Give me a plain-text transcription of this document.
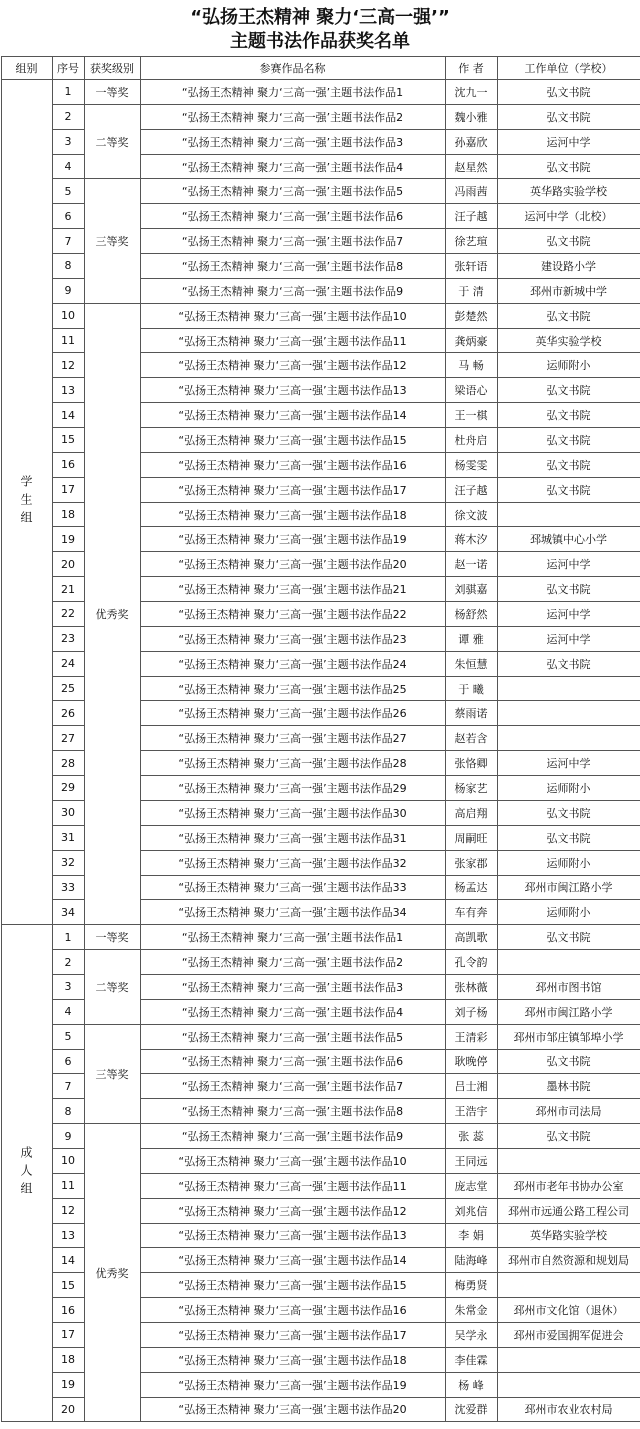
“弘扬王杰精神 聚力‘三高一强’”
主题书法作品获奖名单
组别	序号	获奖级别	参赛作品名称	作 者	工作单位（学校）
学生组	1	一等奖	“弘扬王杰精神 聚力‘三高一强’主题书法作品1	沈九一	弘文书院
	2	二等奖	“弘扬王杰精神 聚力‘三高一强’主题书法作品2	魏小雅	弘文书院
	3		“弘扬王杰精神 聚力‘三高一强’主题书法作品3	孙嘉欣	运河中学
	4		“弘扬王杰精神 聚力‘三高一强’主题书法作品4	赵星然	弘文书院
	5	三等奖	“弘扬王杰精神 聚力‘三高一强’主题书法作品5	冯雨茜	英华路实验学校
	6		“弘扬王杰精神 聚力‘三高一强’主题书法作品6	汪子越	运河中学（北校）
	7		“弘扬王杰精神 聚力‘三高一强’主题书法作品7	徐艺瑄	弘文书院
	8		“弘扬王杰精神 聚力‘三高一强’主题书法作品8	张轩语	建设路小学
	9		“弘扬王杰精神 聚力‘三高一强’主题书法作品9	于 清	邳州市新城中学
	10	优秀奖	“弘扬王杰精神 聚力‘三高一强’主题书法作品10	彭楚然	弘文书院
	11		“弘扬王杰精神 聚力‘三高一强’主题书法作品11	龚炳豪	英华实验学校
	12		“弘扬王杰精神 聚力‘三高一强’主题书法作品12	马 畅	运师附小
	13		“弘扬王杰精神 聚力‘三高一强’主题书法作品13	梁语心	弘文书院
	14		“弘扬王杰精神 聚力‘三高一强’主题书法作品14	王一棋	弘文书院
	15		“弘扬王杰精神 聚力‘三高一强’主题书法作品15	杜舟启	弘文书院
	16		“弘扬王杰精神 聚力‘三高一强’主题书法作品16	杨雯雯	弘文书院
	17		“弘扬王杰精神 聚力‘三高一强’主题书法作品17	汪子越	弘文书院
	18		“弘扬王杰精神 聚力‘三高一强’主题书法作品18	徐文波	
	19		“弘扬王杰精神 聚力‘三高一强’主题书法作品19	蒋木汐	邳城镇中心小学
	20		“弘扬王杰精神 聚力‘三高一强’主题书法作品20	赵一诺	运河中学
	21		“弘扬王杰精神 聚力‘三高一强’主题书法作品21	刘骐嘉	弘文书院
	22		“弘扬王杰精神 聚力‘三高一强’主题书法作品22	杨舒然	运河中学
	23		“弘扬王杰精神 聚力‘三高一强’主题书法作品23	谭 雅	运河中学
	24		“弘扬王杰精神 聚力‘三高一强’主题书法作品24	朱恒慧	弘文书院
	25		“弘扬王杰精神 聚力‘三高一强’主题书法作品25	于 曦	
	26		“弘扬王杰精神 聚力‘三高一强’主题书法作品26	蔡雨诺	
	27		“弘扬王杰精神 聚力‘三高一强’主题书法作品27	赵若含	
	28		“弘扬王杰精神 聚力‘三高一强’主题书法作品28	张恪卿	运河中学
	29		“弘扬王杰精神 聚力‘三高一强’主题书法作品29	杨家艺	运师附小
	30		“弘扬王杰精神 聚力‘三高一强’主题书法作品30	高启翔	弘文书院
	31		“弘扬王杰精神 聚力‘三高一强’主题书法作品31	周嗣旺	弘文书院
	32		“弘扬王杰精神 聚力‘三高一强’主题书法作品32	张家郡	运师附小
	33		“弘扬王杰精神 聚力‘三高一强’主题书法作品33	杨孟达	邳州市闽江路小学
	34		“弘扬王杰精神 聚力‘三高一强’主题书法作品34	车有奔	运师附小
成人组	1	一等奖	“弘扬王杰精神 聚力‘三高一强’主题书法作品1	高凯歌	弘文书院
	2	二等奖	“弘扬王杰精神 聚力‘三高一强’主题书法作品2	孔令韵	
	3		“弘扬王杰精神 聚力‘三高一强’主题书法作品3	张林薇	邳州市图书馆
	4		“弘扬王杰精神 聚力‘三高一强’主题书法作品4	刘子杨	邳州市闽江路小学
	5	三等奖	“弘扬王杰精神 聚力‘三高一强’主题书法作品5	王清彩	邳州市邹庄镇邹埠小学
	6		“弘扬王杰精神 聚力‘三高一强’主题书法作品6	耿晚停	弘文书院
	7		“弘扬王杰精神 聚力‘三高一强’主题书法作品7	吕士湘	墨林书院
	8		“弘扬王杰精神 聚力‘三高一强’主题书法作品8	王浩宇	邳州市司法局
	9	优秀奖	“弘扬王杰精神 聚力‘三高一强’主题书法作品9	张 蕊	弘文书院
	10		“弘扬王杰精神 聚力‘三高一强’主题书法作品10	王同远	
	11		“弘扬王杰精神 聚力‘三高一强’主题书法作品11	庞志堂	邳州市老年书协办公室
	12		“弘扬王杰精神 聚力‘三高一强’主题书法作品12	刘兆信	邳州市远通公路工程公司
	13		“弘扬王杰精神 聚力‘三高一强’主题书法作品13	李 娟	英华路实验学校
	14		“弘扬王杰精神 聚力‘三高一强’主题书法作品14	陆海峰	邳州市自然资源和规划局
	15		“弘扬王杰精神 聚力‘三高一强’主题书法作品15	梅勇贤	
	16		“弘扬王杰精神 聚力‘三高一强’主题书法作品16	朱常金	邳州市文化馆（退休）
	17		“弘扬王杰精神 聚力‘三高一强’主题书法作品17	吴学永	邳州市爱国拥军促进会
	18		“弘扬王杰精神 聚力‘三高一强’主题书法作品18	李佳霖	
	19		“弘扬王杰精神 聚力‘三高一强’主题书法作品19	杨 峰	
	20		“弘扬王杰精神 聚力‘三高一强’主题书法作品20	沈爱群	邳州市农业农村局
